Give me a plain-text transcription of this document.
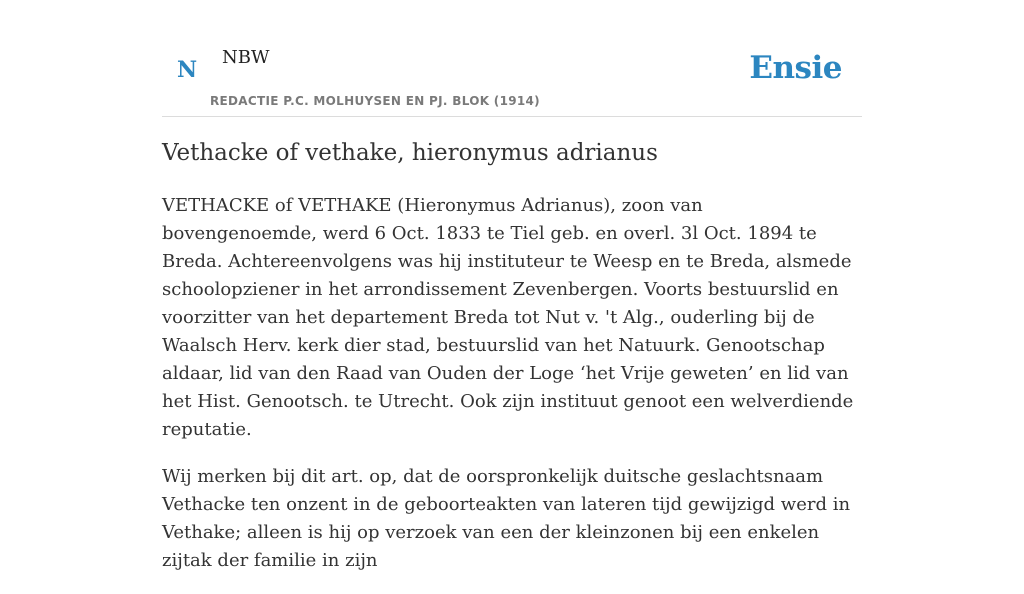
N NBW
REDACTIE P.C. MOLHUYSEN EN PJ. BLOK (1914)
Ensie
Vethacke of vethake, hieronymus adrianus

VETHACKE of VETHAKE (Hieronymus Adrianus), zoon van bovengenoemde, werd 6 Oct. 1833 te Tiel geb. en overl. 3l Oct. 1894 te Breda. Achtereenvolgens was hij instituteur te Weesp en te Breda, alsmede schoolopziener in het arrondissement Zevenbergen. Voorts bestuurslid en voorzitter van het departement Breda tot Nut v. 't Alg., ouderling bij de Waalsch Herv. kerk dier stad, bestuurslid van het Natuurk. Genootschap aldaar, lid van den Raad van Ouden der Loge ‘het Vrije geweten’ en lid van het Hist. Genootsch. te Utrecht. Ook zijn instituut genoot een welverdiende reputatie.

Wij merken bij dit art. op, dat de oorspronkelijk duitsche geslachtsnaam Vethacke ten onzent in de geboorteakten van lateren tijd gewijzigd werd in Vethake; alleen is hij op verzoek van een der kleinzonen bij een enkelen zijtak der familie in zijn
